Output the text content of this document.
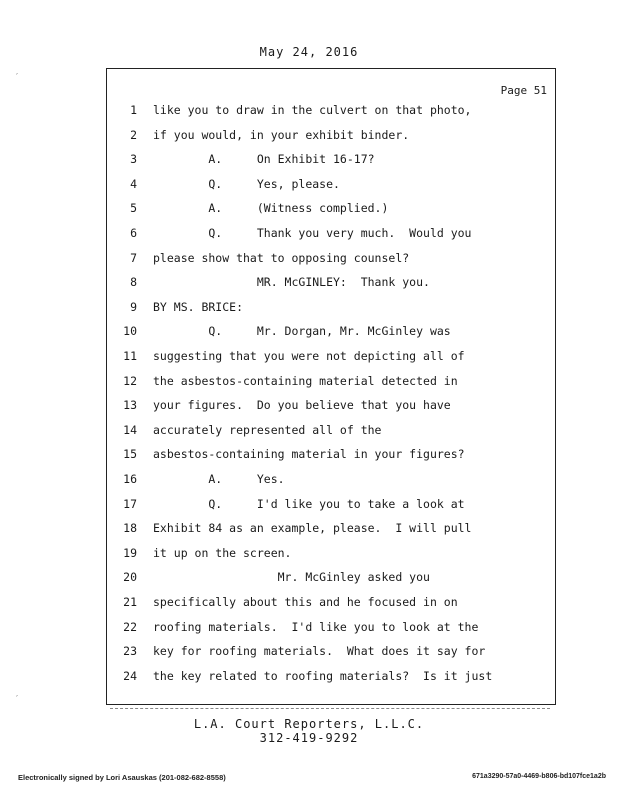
May 24, 2016
′
′
Page 51
1 like you to draw in the culvert on that photo,
2 if you would, in your exhibit binder.
3 A.     On Exhibit 16-17?
4 Q.     Yes, please.
5 A.     (Witness complied.)
6 Q.     Thank you very much.  Would you
7 please show that to opposing counsel?
8 MR. McGINLEY:  Thank you.
9 BY MS. BRICE:
10 Q.     Mr. Dorgan, Mr. McGinley was
11 suggesting that you were not depicting all of
12 the asbestos-containing material detected in
13 your figures.  Do you believe that you have
14 accurately represented all of the
15 asbestos-containing material in your figures?
16 A.     Yes.
17 Q.     I'd like you to take a look at
18 Exhibit 84 as an example, please.  I will pull
19 it up on the screen.
20 Mr. McGinley asked you
21 specifically about this and he focused in on
22 roofing materials.  I'd like you to look at the
23 key for roofing materials.  What does it say for
24 the key related to roofing materials?  Is it just
L.A. Court Reporters, L.L.C.
312-419-9292
Electronically signed by Lori Asauskas (201-082-682-8558)	671a3290-57a0-4469-b806-bd107fce1a2b
